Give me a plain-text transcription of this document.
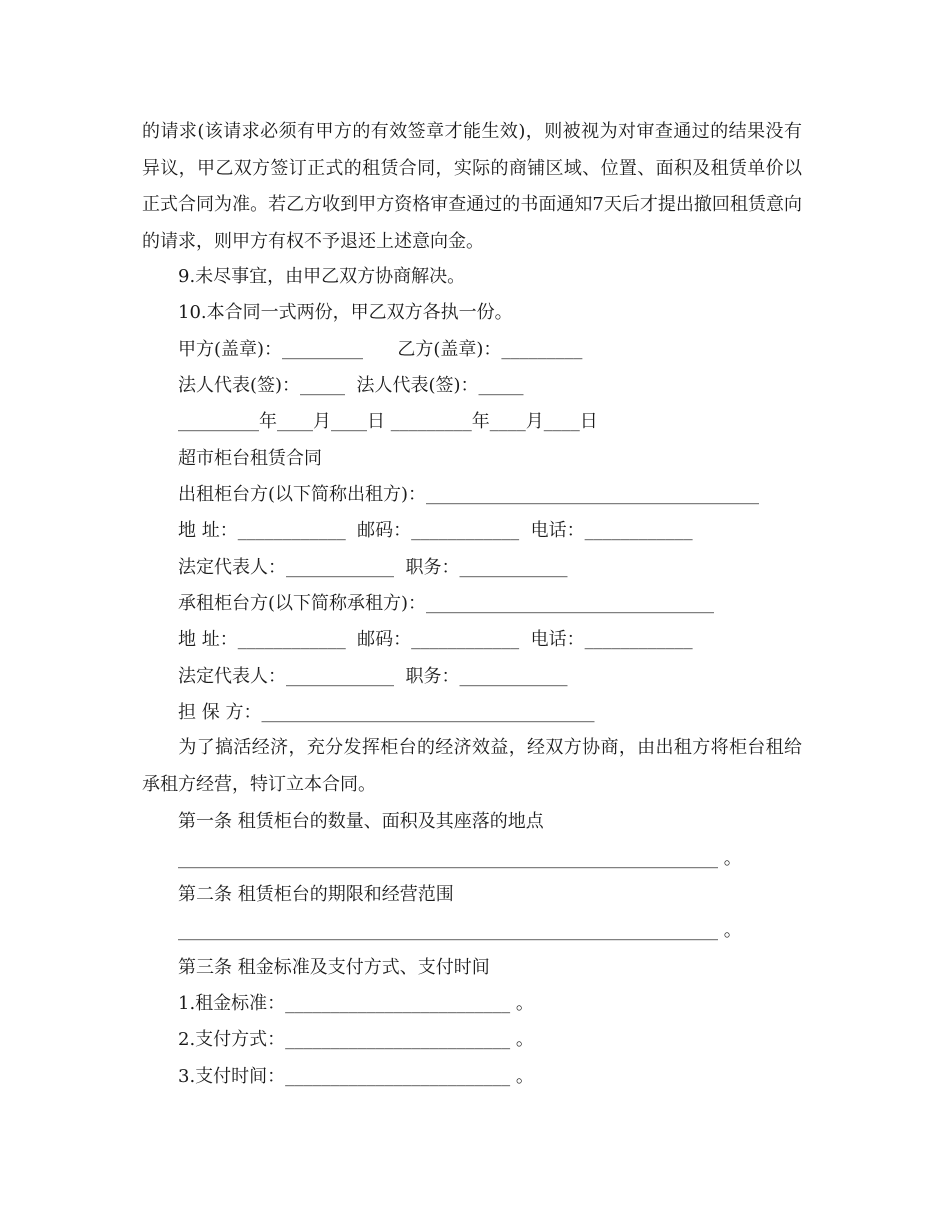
的请求(该请求必须有甲方的有效签章才能生效)，则被视为对审查通过的结果没有异议，甲乙双方签订正式的租赁合同，实际的商铺区域、位置、面积及租赁单价以正式合同为准。若乙方收到甲方资格审查通过的书面通知7天后才提出撤回租赁意向的请求，则甲方有权不予退还上述意向金。

9.未尽事宜，由甲乙双方协商解决。
10.本合同一式两份，甲乙双方各执一份。
甲方(盖章)：_________      乙方(盖章)：_________
法人代表(签)：_____  法人代表(签)：_____
_________年____月____日 _________年____月____日
超市柜台租赁合同
出租柜台方(以下简称出租方)：_____________________________________
地 址：____________  邮码：____________  电话：____________
法定代表人：____________  职务：____________
承租柜台方(以下简称承租方)：________________________________
地 址：____________  邮码：____________  电话：____________
法定代表人：____________  职务：____________
担 保 方：_____________________________________

为了搞活经济，充分发挥柜台的经济效益，经双方协商，由出租方将柜台租给承租方经营，特订立本合同。

第一条 租赁柜台的数量、面积及其座落的地点
____________________________________________________________ 。
第二条 租赁柜台的期限和经营范围
____________________________________________________________ 。
第三条 租金标准及支付方式、支付时间
1.租金标准：_________________________ 。
2.支付方式：_________________________ 。
3.支付时间：_________________________ 。
